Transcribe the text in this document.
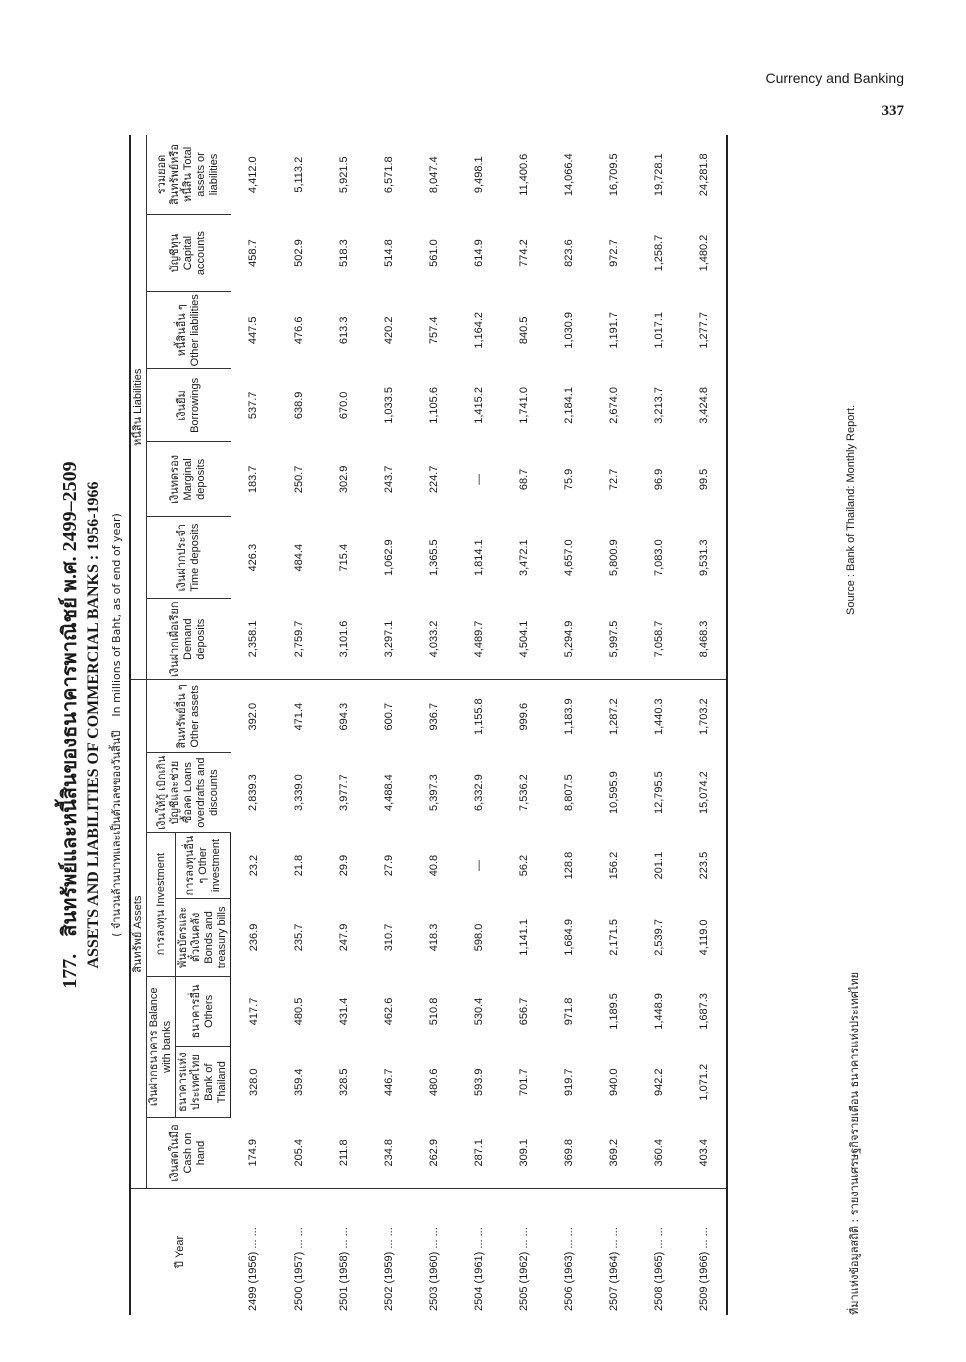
Currency and Banking
337
177. สินทรัพย์และหนี้สินของธนาคารพาณิชย์ พ.ศ. 2499–2509 ASSETS AND LIABILITIES OF COMMERCIAL BANKS : 1956-1966 ( จำนวนล้านบาทและเป็นตัวเลขของวันสิ้นปี    In millions of Baht, as of end of year)
ปี Year	สินทรัพย์ Assets							หนี้สิน Liabilities						
	เงินสดในมือ Cash on hand	เงินฝากธนาคาร Balance with banks		การลงทุน Investment		เงินให้กู้ เบิกเกินบัญชีและช่วยซื้อลด Loans overdrafts and discounts	สินทรัพย์อื่น ๆ Other assets	เงินฝากเผื่อเรียก Demand deposits	เงินฝากประจำ Time deposits	เงินทดรอง Marginal deposits	เงินยืม Borrowings	หนี้สินอื่น ๆ Other liabilities	บัญชีทุน Capital accounts	รวมยอดสินทรัพย์หรือหนี้สิน Total assets or liabilities
		ธนาคารแห่งประเทศไทย Bank of Thailand	ธนาคารอื่น Others	พันธบัตรและตั๋วเงินคลัง Bonds and treasury bills	การลงทุนอื่น ๆ Other investment									
2499 (1956) ... ...	174.9	328.0	417.7	236.9	23.2	2,839.3	392.0	2,358.1	426.3	183.7	537.7	447.5	458.7	4,412.0
2500 (1957) ... ...	205.4	359.4	480.5	235.7	21.8	3,339.0	471.4	2,759.7	484.4	250.7	638.9	476.6	502.9	5,113.2
2501 (1958) ... ...	211.8	328.5	431.4	247.9	29.9	3,977.7	694.3	3,101.6	715.4	302.9	670.0	613.3	518.3	5,921.5
2502 (1959) ... ...	234.8	446.7	462.6	310.7	27.9	4,488.4	600.7	3,297.1	1,062.9	243.7	1,033.5	420.2	514.8	6,571.8
2503 (1960) ... ...	262.9	480.6	510.8	418.3	40.8	5,397.3	936.7	4,033.2	1,365.5	224.7	1,105.6	757.4	561.0	8,047.4
2504 (1961) ... ...	287.1	593.9	530.4	598.0	—	6,332.9	1,155.8	4,489.7	1,814.1	—	1,415.2	1,164.2	614.9	9,498.1
2505 (1962) ... ...	309.1	701.7	656.7	1,141.1	56.2	7,536.2	999.6	4,504.1	3,472.1	68.7	1,741.0	840.5	774.2	11,400.6
2506 (1963) ... ...	369.8	919.7	971.8	1,684.9	128.8	8,807.5	1,183.9	5,294.9	4,657.0	75.9	2,184.1	1,030.9	823.6	14,066.4
2507 (1964) ... ...	369.2	940.0	1,189.5	2,171.5	156.2	10,595.9	1,287.2	5,997.5	5,800.9	72.7	2,674.0	1,191.7	972.7	16,709.5
2508 (1965) ... ...	360.4	942.2	1,448.9	2,539.7	201.1	12,795.5	1,440.3	7,058.7	7,083.0	96.9	3,213.7	1,017.1	1,258.7	19,728.1
2509 (1966) ... ...	403.4	1,071.2	1,687.3	4,119.0	223.5	15,074.2	1,703.2	8,468.3	9,531.3	99.5	3,424.8	1,277.7	1,480.2	24,281.8
ที่มาแห่งข้อมูลสถิติ : รายงานเศรษฐกิจรายเดือน ธนาคารแห่งประเทศไทย
Source : Bank of Thailand: Monthly Report.
